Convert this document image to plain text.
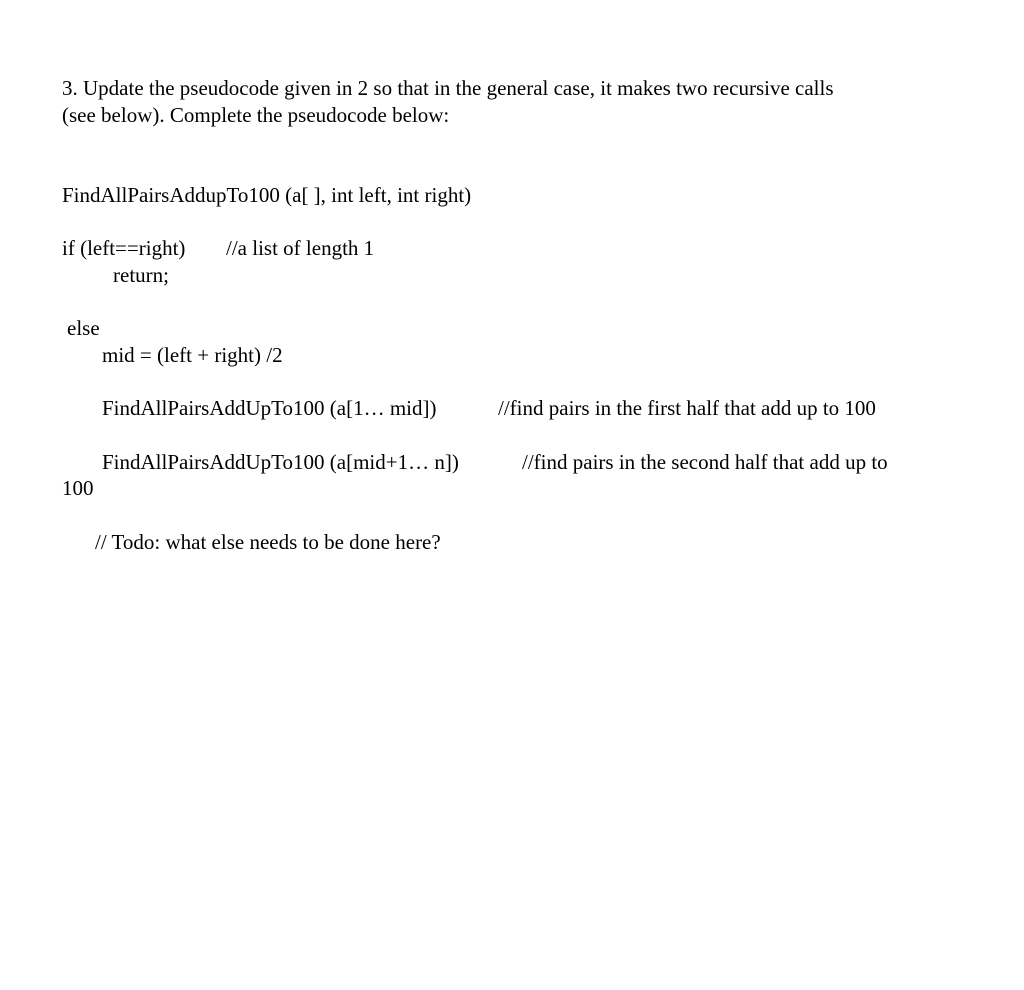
3. Update the pseudocode given in 2 so that in the general case, it makes two recursive calls
(see below). Complete the pseudocode below:
FindAllPairsAddupTo100 (a[ ], int left, int right)
if (left==right) //a list of length 1
return;
else
mid = (left + right) /2
FindAllPairsAddUpTo100 (a[1… mid])	//find pairs in the first half that add up to 100
FindAllPairsAddUpTo100 (a[mid+1… n])	//find pairs in the second half that add up to
100
// Todo: what else needs to be done here?
